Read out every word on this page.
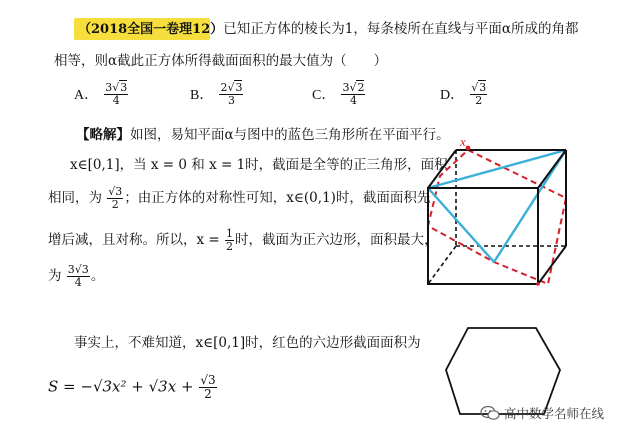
（2018全国一卷理12）已知正方体的棱长为1，每条棱所在直线与平面α所成的角都
相等，则α截此正方体所得截面面积的最大值为（　　）
A． $\frac{3√3}{4}$	B． $\frac{2√3}{3}$	C． $\frac{3√2}{4}$	D． $\frac{√3}{2}$
【略解】如图，易知平面α与图中的蓝色三角形所在平面平行。
x∈[0,1]，当 x = 0 和 x = 1时，截面是全等的正三角形，面积
相同，为 $\frac{√3}{2}$ ；由正方体的对称性可知，x∈(0,1)时，截面面积先
增后减，且对称。所以，$x = \frac{1}{2}$ 时，截面为正六边形，面积最大，
为 $\frac{3√3}{4}$ 。
事实上，不难知道，x∈[0,1]时，红色的六边形截面面积为
$S = -√3x^2 + √3x + \frac{√3}{2}$
x
高中数学名师在线
